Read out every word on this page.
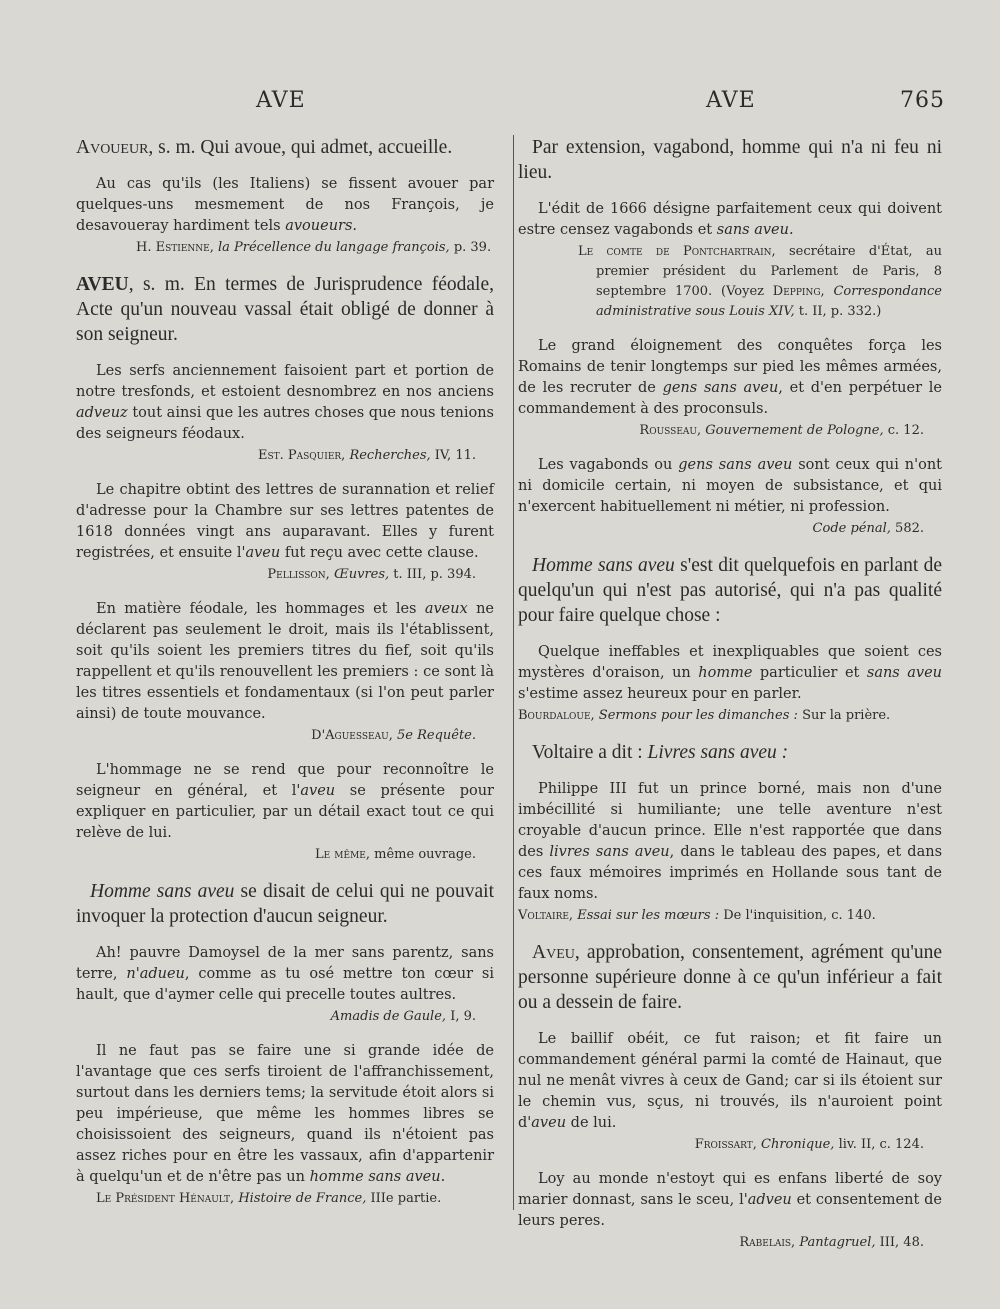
AVE	AVE	765

Avoueur, s. m. Qui avoue, qui admet, accueille.

Au cas qu'ils (les Italiens) se fissent avouer par quelques-uns mesmement de nos François, je desavoueray hardiment tels avoueurs.

H. Estienne, la Précellence du langage françois, p. 39.

AVEU, s. m. En termes de Jurisprudence féodale, Acte qu'un nouveau vassal était obligé de donner à son seigneur.

Les serfs anciennement faisoient part et portion de notre tresfonds, et estoient desnombrez en nos anciens adveuz tout ainsi que les autres choses que nous tenions des seigneurs féodaux.

Est. Pasquier, Recherches, IV, 11.

Le chapitre obtint des lettres de surannation et relief d'adresse pour la Chambre sur ses lettres patentes de 1618 données vingt ans auparavant. Elles y furent registrées, et ensuite l'aveu fut reçu avec cette clause.

Pellisson, Œuvres, t. III, p. 394.

En matière féodale, les hommages et les aveux ne déclarent pas seulement le droit, mais ils l'établissent, soit qu'ils soient les premiers titres du fief, soit qu'ils rappellent et qu'ils renouvellent les premiers : ce sont là les titres essentiels et fondamentaux (si l'on peut parler ainsi) de toute mouvance.

D'Aguesseau, 5e Requête.

L'hommage ne se rend que pour reconnoître le seigneur en général, et l'aveu se présente pour expliquer en particulier, par un détail exact tout ce qui relève de lui.

Le même, même ouvrage.

Homme sans aveu se disait de celui qui ne pouvait invoquer la protection d'aucun seigneur.

Ah! pauvre Damoysel de la mer sans parentz, sans terre, n'adueu, comme as tu osé mettre ton cœur si hault, que d'aymer celle qui precelle toutes aultres.

Amadis de Gaule, I, 9.

Il ne faut pas se faire une si grande idée de l'avantage que ces serfs tiroient de l'affranchissement, surtout dans les derniers tems; la servitude étoit alors si peu impérieuse, que même les hommes libres se choisissoient des seigneurs, quand ils n'étoient pas assez riches pour en être les vassaux, afin d'appartenir à quelqu'un et de n'être pas un homme sans aveu.

Le Président Hénault, Histoire de France, IIIe partie.

Par extension, vagabond, homme qui n'a ni feu ni lieu.

L'édit de 1666 désigne parfaitement ceux qui doivent estre censez vagabonds et sans aveu.

Le comte de Pontchartrain, secrétaire d'État, au premier président du Parlement de Paris, 8 septembre 1700. (Voyez Depping, Correspondance administrative sous Louis XIV, t. II, p. 332.)

Le grand éloignement des conquêtes força les Romains de tenir longtemps sur pied les mêmes armées, de les recruter de gens sans aveu, et d'en perpétuer le commandement à des proconsuls.

Rousseau, Gouvernement de Pologne, c. 12.

Les vagabonds ou gens sans aveu sont ceux qui n'ont ni domicile certain, ni moyen de subsistance, et qui n'exercent habituellement ni métier, ni profession.

Code pénal, 582.

Homme sans aveu s'est dit quelquefois en parlant de quelqu'un qui n'est pas autorisé, qui n'a pas qualité pour faire quelque chose :

Quelque ineffables et inexpliquables que soient ces mystères d'oraison, un homme particulier et sans aveu s'estime assez heureux pour en parler.

Bourdaloue, Sermons pour les dimanches : Sur la prière.

Voltaire a dit : Livres sans aveu :

Philippe III fut un prince borné, mais non d'une imbécillité si humiliante; une telle aventure n'est croyable d'aucun prince. Elle n'est rapportée que dans des livres sans aveu, dans le tableau des papes, et dans ces faux mémoires imprimés en Hollande sous tant de faux noms.

Voltaire, Essai sur les mœurs : De l'inquisition, c. 140.

Aveu, approbation, consentement, agrément qu'une personne supérieure donne à ce qu'un inférieur a fait ou a dessein de faire.

Le baillif obéit, ce fut raison; et fit faire un commandement général parmi la comté de Hainaut, que nul ne menât vivres à ceux de Gand; car si ils étoient sur le chemin vus, sçus, ni trouvés, ils n'auroient point d'aveu de lui.

Froissart, Chronique, liv. II, c. 124.

Loy au monde n'estoyt qui es enfans liberté de soy marier donnast, sans le sceu, l'adveu et consentement de leurs peres.

Rabelais, Pantagruel, III, 48.
